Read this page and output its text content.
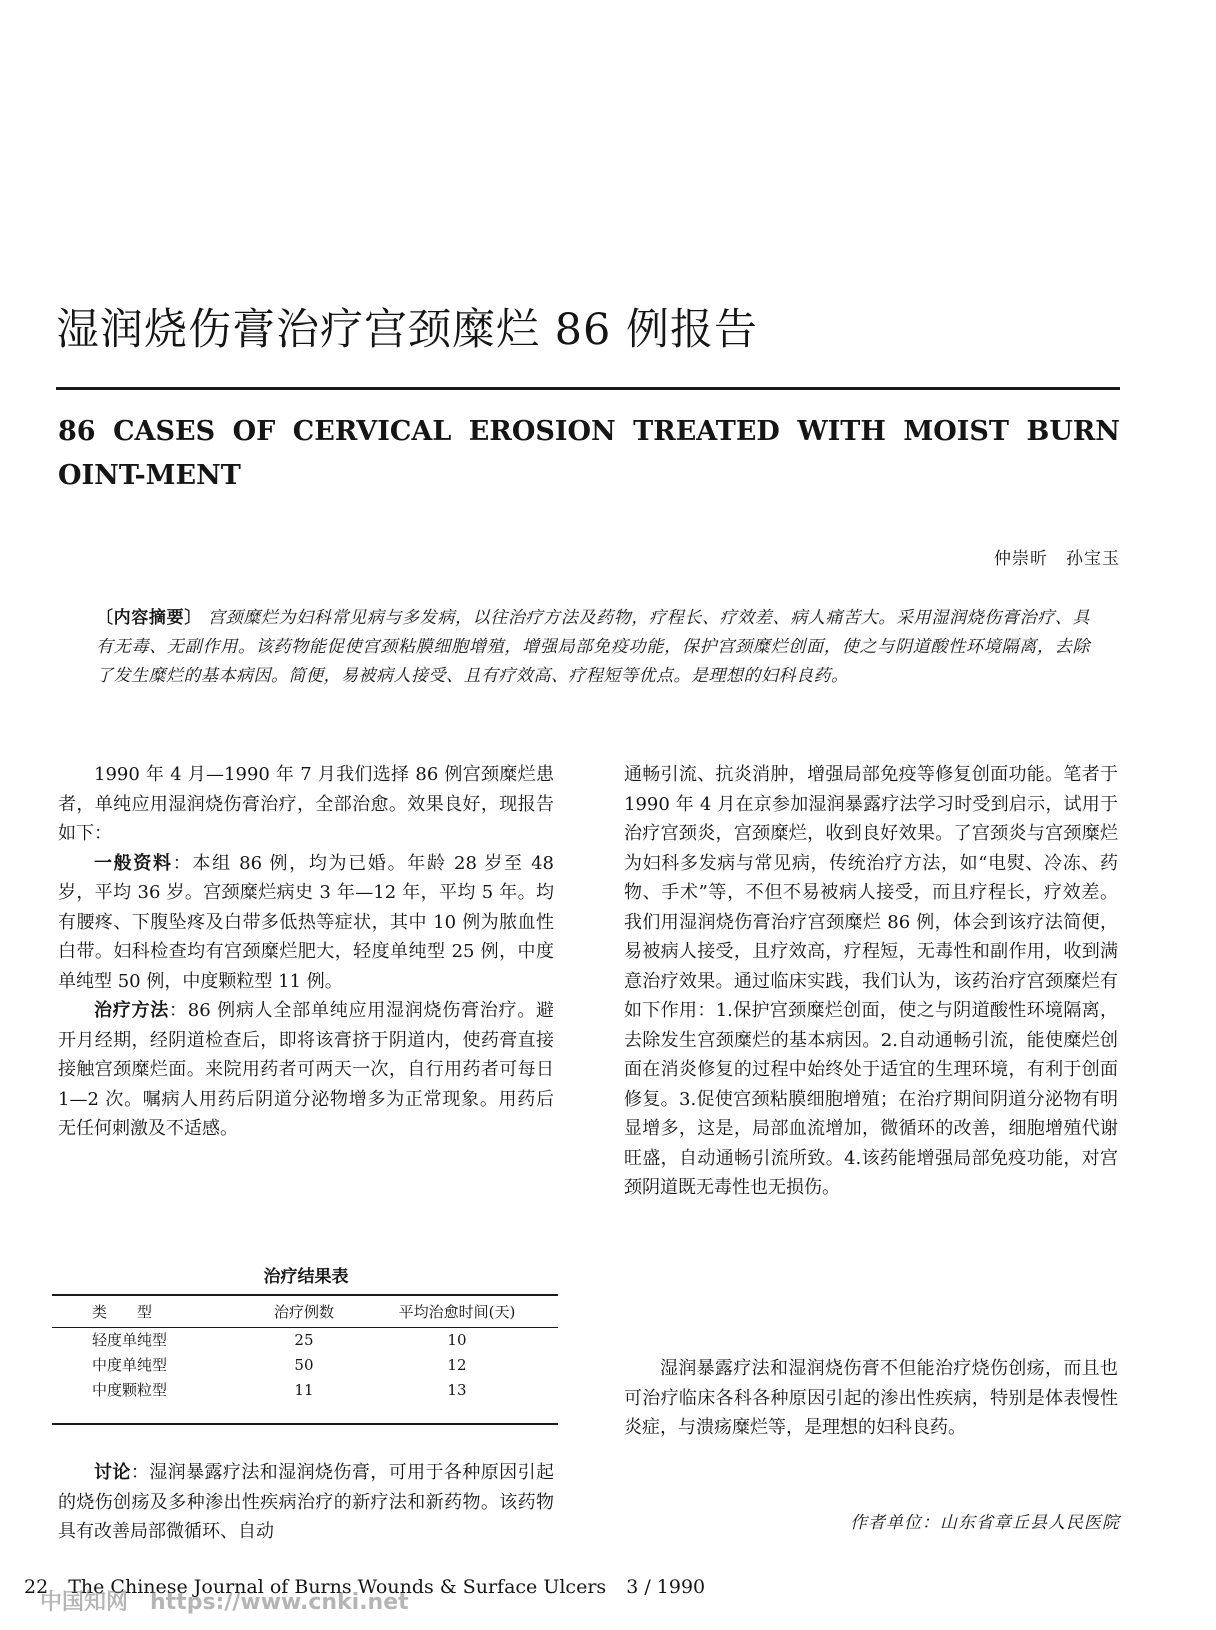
湿润烧伤膏治疗宫颈糜烂 86 例报告
86 CASES OF CERVICAL EROSION TREATED WITH MOIST BURN OINT-MENT
仲崇昕　孙宝玉
〔内容摘要〕 宫颈糜烂为妇科常见病与多发病，以往治疗方法及药物，疗程长、疗效差、病人痛苦大。采用湿润烧伤膏治疗、具有无毒、无副作用。该药物能促使宫颈粘膜细胞增殖，增强局部免疫功能，保护宫颈糜烂创面，使之与阴道酸性环境隔离，去除了发生糜烂的基本病因。简便，易被病人接受、且有疗效高、疗程短等优点。是理想的妇科良药。

1990 年 4 月—1990 年 7 月我们选择 86 例宫颈糜烂患者，单纯应用湿润烧伤膏治疗，全部治愈。效果良好，现报告如下：

一般资料：本组 86 例，均为已婚。年龄 28 岁至 48 岁，平均 36 岁。宫颈糜烂病史 3 年—12 年，平均 5 年。均有腰疼、下腹坠疼及白带多低热等症状，其中 10 例为脓血性白带。妇科检查均有宫颈糜烂肥大，轻度单纯型 25 例，中度单纯型 50 例，中度颗粒型 11 例。

治疗方法：86 例病人全部单纯应用湿润烧伤膏治疗。避开月经期，经阴道检查后，即将该膏挤于阴道内，使药膏直接接触宫颈糜烂面。来院用药者可两天一次，自行用药者可每日 1—2 次。嘱病人用药后阴道分泌物增多为正常现象。用药后无任何刺激及不适感。

治疗结果表
类　　型	治疗例数	平均治愈时间(天)
轻度单纯型	25	10
中度单纯型	50	12
中度颗粒型	11	13

讨论：湿润暴露疗法和湿润烧伤膏，可用于各种原因引起的烧伤创疡及多种渗出性疾病治疗的新疗法和新药物。该药物具有改善局部微循环、自动

通畅引流、抗炎消肿，增强局部免疫等修复创面功能。笔者于 1990 年 4 月在京参加湿润暴露疗法学习时受到启示，试用于治疗宫颈炎，宫颈糜烂，收到良好效果。了宫颈炎与宫颈糜烂为妇科多发病与常见病，传统治疗方法，如“电熨、冷冻、药物、手术”等，不但不易被病人接受，而且疗程长，疗效差。我们用湿润烧伤膏治疗宫颈糜烂 86 例，体会到该疗法简便，易被病人接受，且疗效高，疗程短，无毒性和副作用，收到满意治疗效果。通过临床实践，我们认为，该药治疗宫颈糜烂有如下作用：1.保护宫颈糜烂创面，使之与阴道酸性环境隔离，去除发生宫颈糜烂的基本病因。2.自动通畅引流，能使糜烂创面在消炎修复的过程中始终处于适宜的生理环境，有利于创面修复。3.促使宫颈粘膜细胞增殖；在治疗期间阴道分泌物有明显增多，这是，局部血流增加，微循环的改善，细胞增殖代谢旺盛，自动通畅引流所致。4.该药能增强局部免疫功能，对宫颈阴道既无毒性也无损伤。

湿润暴露疗法和湿润烧伤膏不但能治疗烧伤创疡，而且也可治疗临床各科各种原因引起的渗出性疾病，特别是体表慢性炎症，与溃疡糜烂等，是理想的妇科良药。

作者单位：山东省章丘县人民医院
22 The Chinese Journal of Burns Wounds & Surface Ulcers 3 / 1990
中国知网　https://www.cnki.net
